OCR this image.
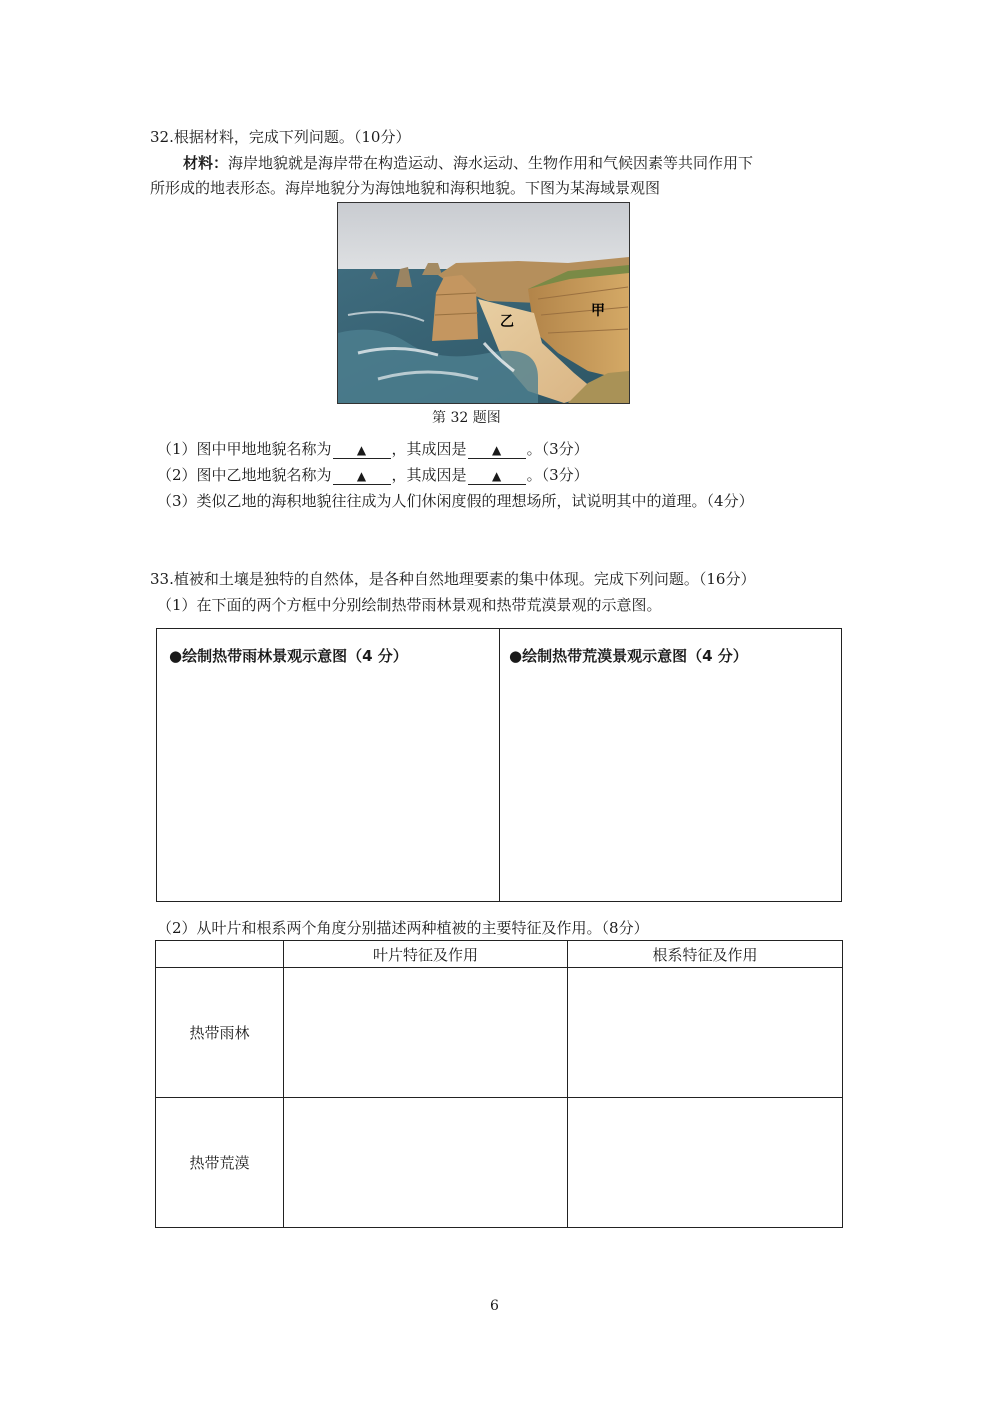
32.根据材料，完成下列问题。（10分）
材料：海岸地貌就是海岸带在构造运动、海水运动、生物作用和气候因素等共同作用下
所形成的地表形态。海岸地貌分为海蚀地貌和海积地貌。下图为某海域景观图
甲
乙
第 32 题图
（1）图中甲地地貌名称为 ▲ ，其成因是 ▲ 。（3分）
（2）图中乙地地貌名称为 ▲ ，其成因是 ▲ 。（3分）
（3）类似乙地的海积地貌往往成为人们休闲度假的理想场所，试说明其中的道理。（4分）
33.植被和土壤是独特的自然体，是各种自然地理要素的集中体现。完成下列问题。（16分）
（1）在下面的两个方框中分别绘制热带雨林景观和热带荒漠景观的示意图。
●绘制热带雨林景观示意图（4 分）	●绘制热带荒漠景观示意图（4 分）
（2）从叶片和根系两个角度分别描述两种植被的主要特征及作用。（8分）
	叶片特征及作用	根系特征及作用
热带雨林		
热带荒漠		
6
